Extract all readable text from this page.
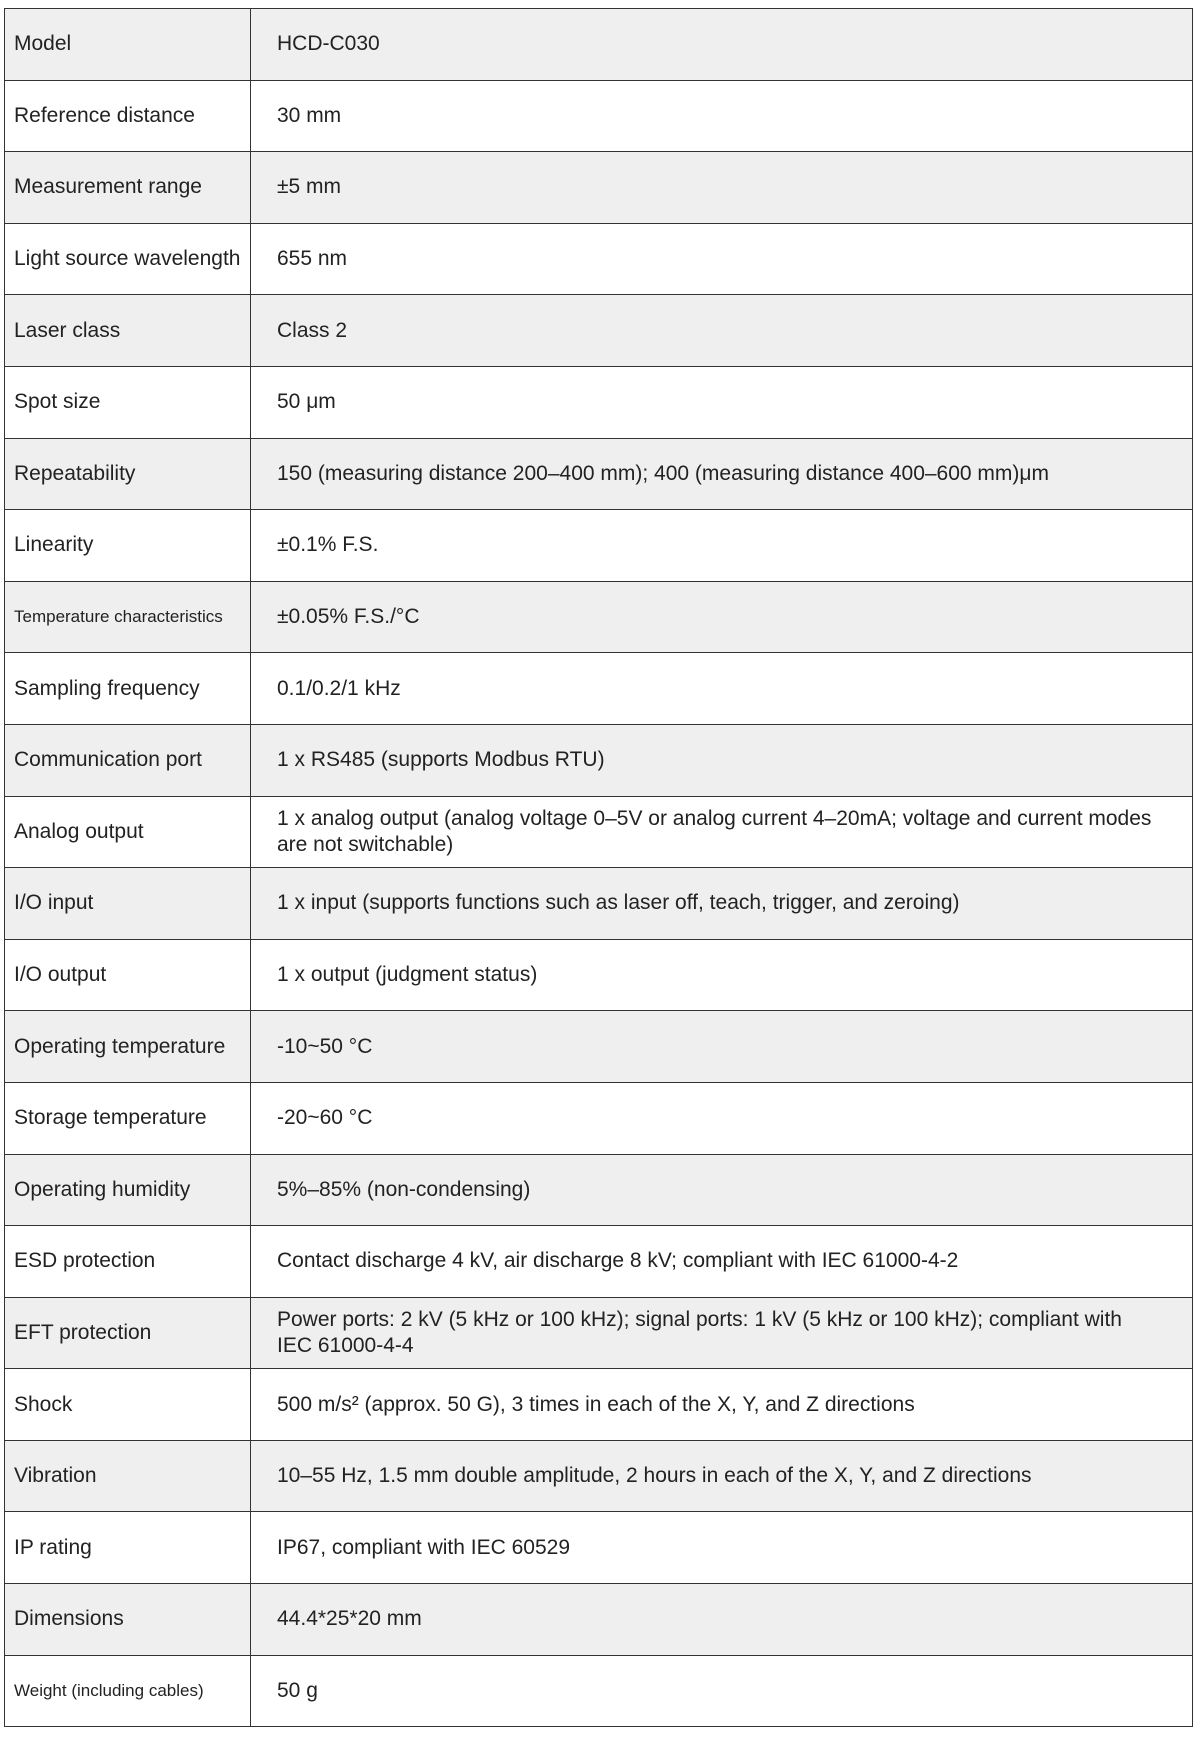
Model	HCD-C030
Reference distance	30 mm
Measurement range	±5 mm
Light source wavelength	655 nm
Laser class	Class 2
Spot size	50 μm
Repeatability	150 (measuring distance 200–400 mm); 400 (measuring distance 400–600 mm)μm
Linearity	±0.1% F.S.
Temperature characteristics	±0.05% F.S./°C
Sampling frequency	0.1/0.2/1 kHz
Communication port	1 x RS485 (supports Modbus RTU)
Analog output	1 x analog output (analog voltage 0–5V or analog current 4–20mA; voltage and current modes are not switchable)
I/O input	1 x input (supports functions such as laser off, teach, trigger, and zeroing)
I/O output	1 x output (judgment status)
Operating temperature	-10~50 °C
Storage temperature	-20~60 °C
Operating humidity	5%–85% (non-condensing)
ESD protection	Contact discharge 4 kV, air discharge 8 kV; compliant with IEC 61000-4-2
EFT protection	Power ports: 2 kV (5 kHz or 100 kHz); signal ports: 1 kV (5 kHz or 100 kHz); compliant with IEC 61000-4-4
Shock	500 m/s² (approx. 50 G), 3 times in each of the X, Y, and Z directions
Vibration	10–55 Hz, 1.5 mm double amplitude, 2 hours in each of the X, Y, and Z directions
IP rating	IP67, compliant with IEC 60529
Dimensions	44.4*25*20 mm
Weight (including cables)	50 g
